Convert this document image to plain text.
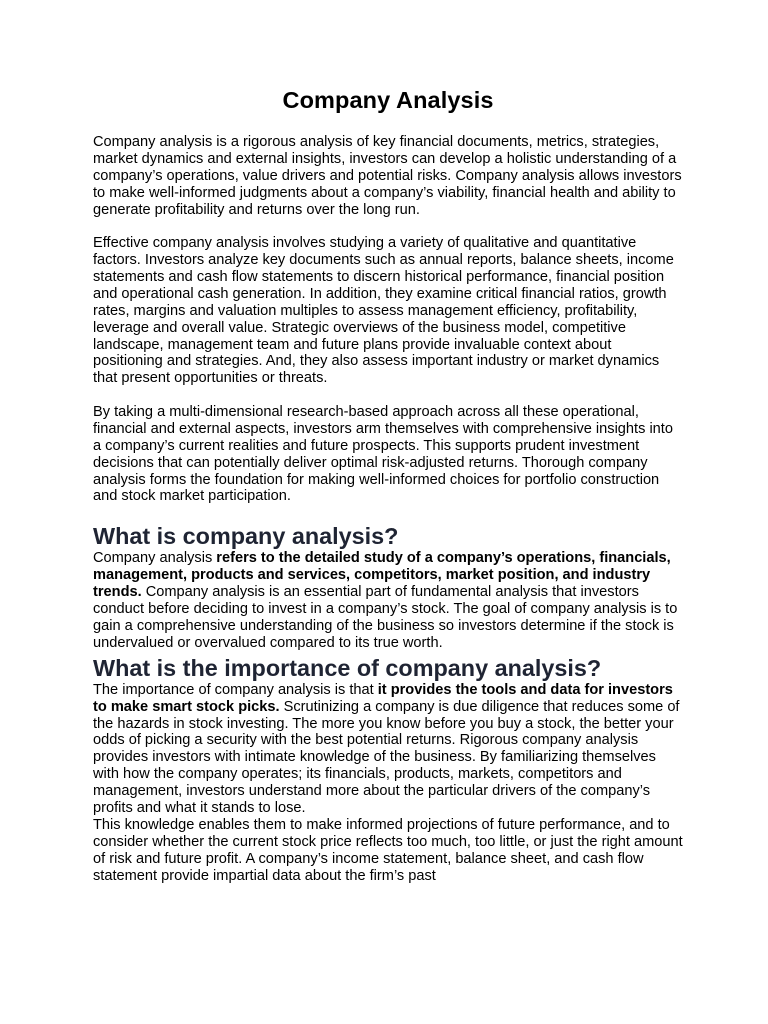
Company Analysis

Company analysis is a rigorous analysis of key financial documents, metrics, strategies, market dynamics and external insights, investors can develop a holistic understanding of a company’s operations, value drivers and potential risks. Company analysis allows investors to make well-informed judgments about a company’s viability, financial health and ability to generate profitability and returns over the long run.

Effective company analysis involves studying a variety of qualitative and quantitative factors. Investors analyze key documents such as annual reports, balance sheets, income statements and cash flow statements to discern historical performance, financial position and operational cash generation. In addition, they examine critical financial ratios, growth rates, margins and valuation multiples to assess management efficiency, profitability, leverage and overall value. Strategic overviews of the business model, competitive landscape, management team and future plans provide invaluable context about positioning and strategies. And, they also assess important industry or market dynamics that present opportunities or threats.

By taking a multi-dimensional research-based approach across all these operational, financial and external aspects, investors arm themselves with comprehensive insights into a company’s current realities and future prospects. This supports prudent investment decisions that can potentially deliver optimal risk-adjusted returns. Thorough company analysis forms the foundation for making well-informed choices for portfolio construction and stock market participation.

What is company analysis?

Company analysis refers to the detailed study of a company’s operations, financials, management, products and services, competitors, market position, and industry trends. Company analysis is an essential part of fundamental analysis that investors conduct before deciding to invest in a company’s stock. The goal of company analysis is to gain a comprehensive understanding of the business so investors determine if the stock is undervalued or overvalued compared to its true worth.

What is the importance of company analysis?

The importance of company analysis is that it provides the tools and data for investors to make smart stock picks. Scrutinizing a company is due diligence that reduces some of the hazards in stock investing. The more you know before you buy a stock, the better your odds of picking a security with the best potential returns. Rigorous company analysis provides investors with intimate knowledge of the business. By familiarizing themselves with how the company operates; its financials, products, markets, competitors and management, investors understand more about the particular drivers of the company’s profits and what it stands to lose.

This knowledge enables them to make informed projections of future performance, and to consider whether the current stock price reflects too much, too little, or just the right amount of risk and future profit. A company’s income statement, balance sheet, and cash flow statement provide impartial data about the firm’s past
